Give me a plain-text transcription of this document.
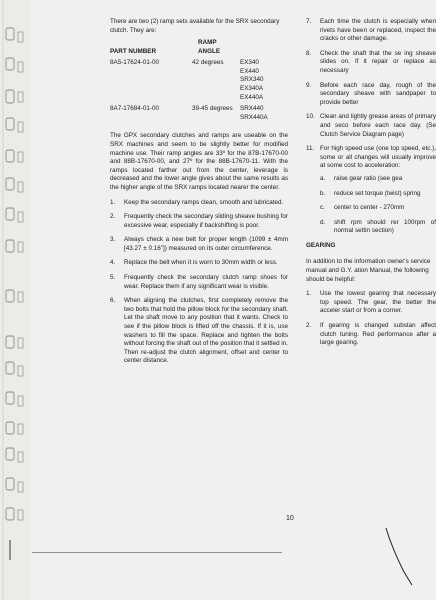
There are two (2) ramp sets available for the SRX secondary clutch. They are:

RAMP
PART NUMBER	ANGLE
8A5-17624-01-00	42 degrees	EX340
EX440
SRX340
EX340A
EX440A
8A7-17684-01-00	39-45 degrees SRX440
SRX440A

The GPX secondary clutches and ramps are useable on the SRX machines and seem to be slightly better for modified machine use. Their ramp angles are 33º for the 87B-17670-00 and 88B-17670-00, and 27º for the 88B-17670-11. With the ramps located farther out from the center, leverage is decreased and the lower angle gives about the same results as the higher angle of the SRX ramps located nearer the center.

1. Keep the secondary ramps clean, smooth and lubricated.
2. Frequently check the secondary sliding sheave bushing for excessive wear, especially if backshifting is poor.
3. Always check a new belt for proper length (1099 ± 4mm [43.27 ± 0.16"]) measured on its outer circumference.
4. Replace the belt when it is worn to 30mm width or less.
5. Frequently check the secondary clutch ramp shoes for wear. Replace them if any significant wear is visible.
6. When aligning the clutches, first completely remove the two bolts that hold the pillow block for the secondary shaft. Let the shaft move to any position that it wants. Check to see if the pillow block is lifted off the chassis. If it is, use washers to fill the space. Replace and tighten the bolts without forcing the shaft out of the position that it settled in. Then re-adjust the clutch alignment, offset and center to center distance.
7. Each time the clutch is especially when rivets have been or replaced, inspect the cracks or other damage.
8. Check the shaft that the se ing sheave slides on. If it repair or replace as necessary
9. Before each race day, rough of the secondary sheave with sandpaper to provide better
10. Clean and lightly grease areas of primary and seco before each race day. (Se Clutch Service Diagram page)
11. For high speed use (one top speed, etc.), some or all changes will usually improve at some cost to acceleration:
a. raise gear ratio (see gea
b. reduce set torque (twist) spring
c. center to center - 270mm
d. shift rpm should rer 100rpm of normal settin section)

GEARING

In addition to the information owner's service manual and G.Y. ation Manual, the following should be helpful:

1. Use the lowest gearing that necessary top speed. The gear, the better the acceler start or from a corner.
2. If gearing is changed substan affect clutch tuning. Red performance after a large gearing.
10
